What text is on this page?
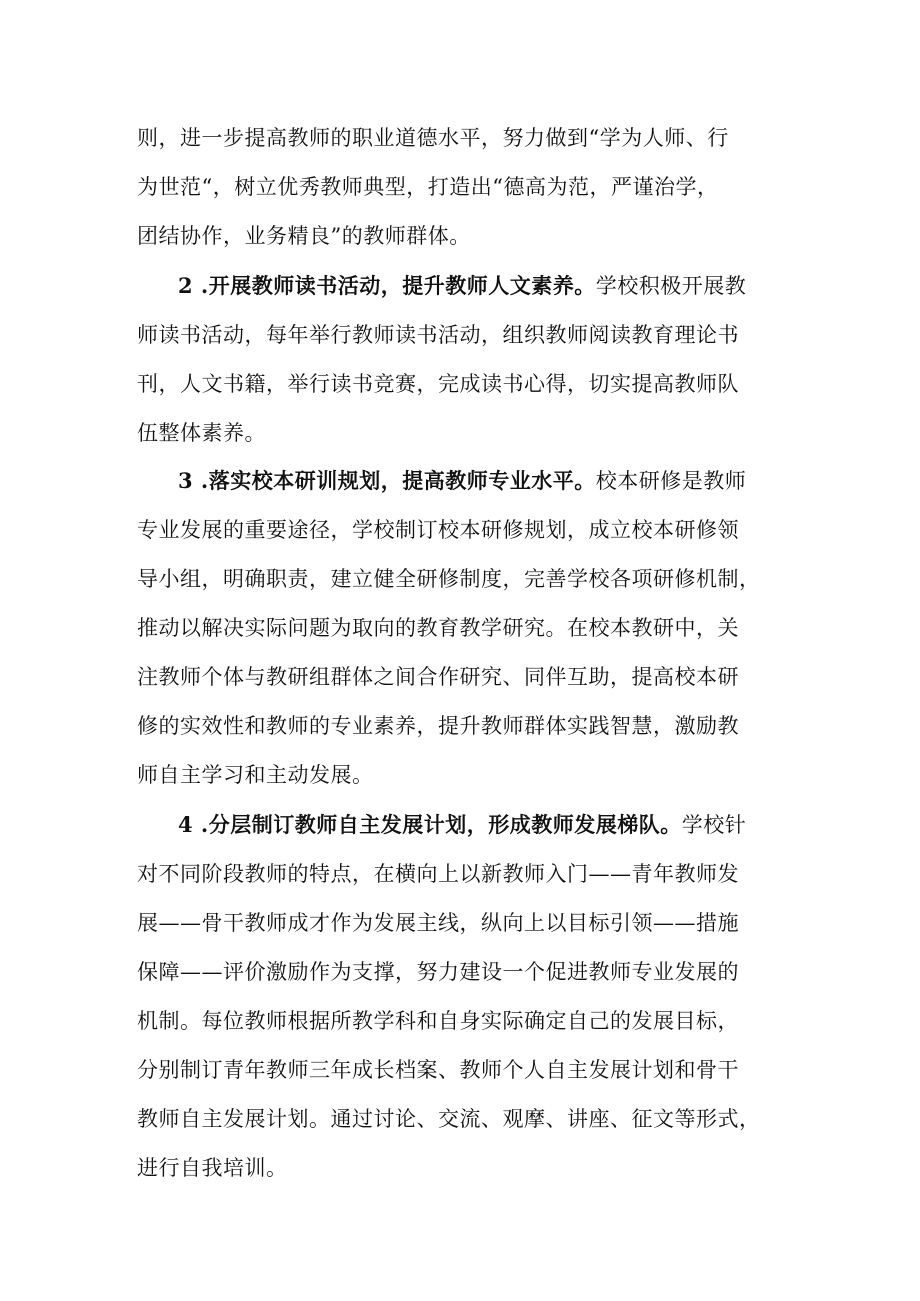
则，进一步提高教师的职业道德水平，努力做到“学为人师、行
为世范“，树立优秀教师典型，打造出“德高为范，严谨治学，
团结协作，业务精良”的教师群体。
2 .开展教师读书活动，提升教师人文素养。学校积极开展教
师读书活动，每年举行教师读书活动，组织教师阅读教育理论书
刊，人文书籍，举行读书竞赛，完成读书心得，切实提高教师队
伍整体素养。
3 .落实校本研训规划，提高教师专业水平。校本研修是教师
专业发展的重要途径，学校制订校本研修规划，成立校本研修领
导小组，明确职责，建立健全研修制度，完善学校各项研修机制，
推动以解决实际问题为取向的教育教学研究。在校本教研中，关
注教师个体与教研组群体之间合作研究、同伴互助，提高校本研
修的实效性和教师的专业素养，提升教师群体实践智慧，激励教
师自主学习和主动发展。
4 .分层制订教师自主发展计划，形成教师发展梯队。学校针
对不同阶段教师的特点，在横向上以新教师入门——青年教师发
展——骨干教师成才作为发展主线，纵向上以目标引领——措施
保障——评价激励作为支撑，努力建设一个促进教师专业发展的
机制。每位教师根据所教学科和自身实际确定自己的发展目标，
分别制订青年教师三年成长档案、教师个人自主发展计划和骨干
教师自主发展计划。通过讨论、交流、观摩、讲座、征文等形式，
进行自我培训。
